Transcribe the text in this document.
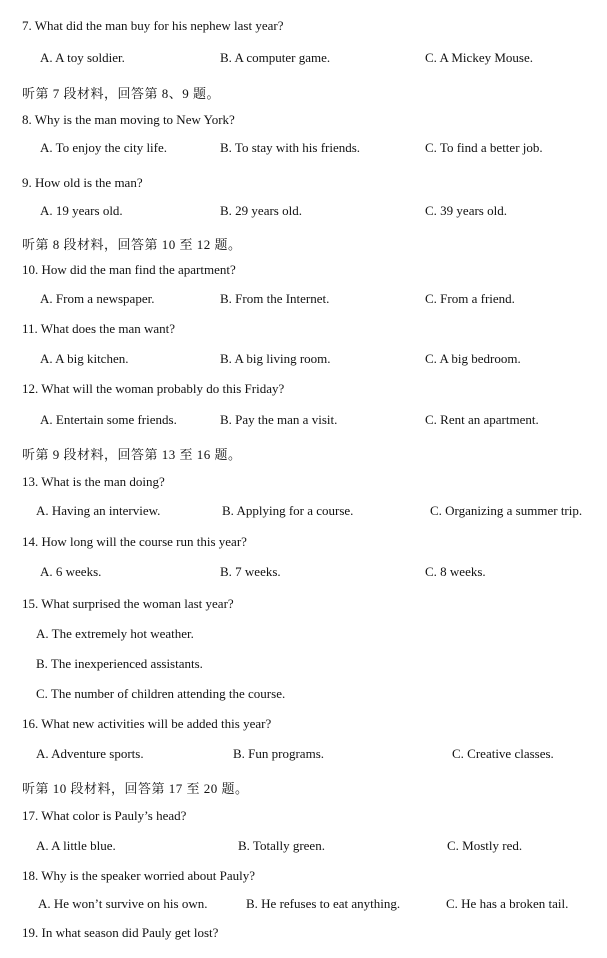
7. What did the man buy for his nephew last year?
A. A toy soldier.	B. A computer game.	C. A Mickey Mouse.
听第 7 段材料，回答第 8、9 题。
8. Why is the man moving to New York?
A. To enjoy the city life.	B. To stay with his friends.	C. To find a better job.
9. How old is the man?
A. 19 years old.	B. 29 years old.	C. 39 years old.
听第 8 段材料，回答第 10 至 12 题。
10. How did the man find the apartment?
A. From a newspaper.	B. From the Internet.	C. From a friend.
11. What does the man want?
A. A big kitchen.	B. A big living room.	C. A big bedroom.
12. What will the woman probably do this Friday?
A. Entertain some friends.	B. Pay the man a visit.	C. Rent an apartment.
听第 9 段材料，回答第 13 至 16 题。
13. What is the man doing?
A. Having an interview.	B. Applying for a course.	C. Organizing a summer trip.
14. How long will the course run this year?
A. 6 weeks.	B. 7 weeks.	C. 8 weeks.
15. What surprised the woman last year?
A. The extremely hot weather.
B. The inexperienced assistants.
C. The number of children attending the course.
16. What new activities will be added this year?
A. Adventure sports.	B. Fun programs.	C. Creative classes.
听第 10 段材料，回答第 17 至 20 题。
17. What color is Pauly’s head?
A. A little blue.	B. Totally green.	C. Mostly red.
18. Why is the speaker worried about Pauly?
A. He won’t survive on his own.	B. He refuses to eat anything.	C. He has a broken tail.
19. In what season did Pauly get lost?
